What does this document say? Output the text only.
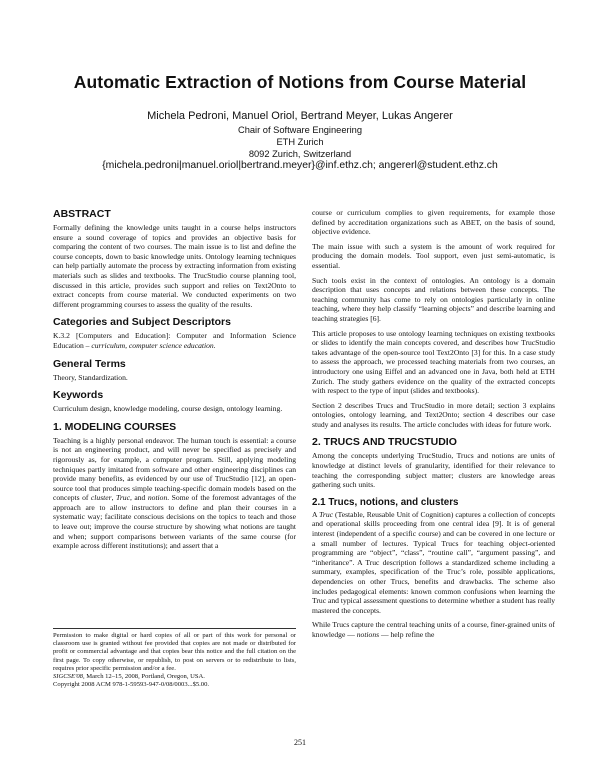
Automatic Extraction of Notions from Course Material
Michela Pedroni, Manuel Oriol, Bertrand Meyer, Lukas Angerer
Chair of Software Engineering
ETH Zurich
8092 Zurich, Switzerland
{michela.pedroni|manuel.oriol|bertrand.meyer}@inf.ethz.ch; angererl@student.ethz.ch
ABSTRACT

Formally defining the knowledge units taught in a course helps instructors ensure a sound coverage of topics and provides an objective basis for comparing the content of two courses. The main issue is to list and define the course concepts, down to basic knowledge units. Ontology learning techniques can help partially automate the process by extracting information from existing materials such as slides and textbooks. The TrucStudio course planning tool, discussed in this article, provides such support and relies on Text2Onto to extract concepts from course material. We conducted experiments on two different programming courses to assess the quality of the results.

Categories and Subject Descriptors

K.3.2 [Computers and Education]: Computer and Information Science Education – curriculum, computer science education.

General Terms

Theory, Standardization.

Keywords

Curriculum design, knowledge modeling, course design, ontology learning.

1. MODELING COURSES

Teaching is a highly personal endeavor. The human touch is essential: a course is not an engineering product, and will never be specified as precisely and rigorously as, for example, a computer program. Still, applying modeling techniques partly imitated from software and other engineering disciplines can provide many benefits, as evidenced by our use of TrucStudio [12], an open-source tool that produces simple teaching-specific domain models based on the concepts of cluster, Truc, and notion. Some of the foremost advantages of the approach are to allow instructors to define and plan their courses in a systematic way; facilitate conscious decisions on the topics to teach and those to leave out; improve the course structure by showing what notions are taught and when; support comparisons between variants of the same course (for example across different institutions); and assert that a

Permission to make digital or hard copies of all or part of this work for personal or classroom use is granted without fee provided that copies are not made or distributed for profit or commercial advantage and that copies bear this notice and the full citation on the first page. To copy otherwise, or republish, to post on servers or to redistribute to lists, requires prior specific permission and/or a fee.

SIGCSE'08, March 12–15, 2008, Portland, Oregon, USA.

Copyright 2008 ACM 978-1-59593-947-0/08/0003...$5.00.

course or curriculum complies to given requirements, for example those defined by accreditation organizations such as ABET, on the basis of sound, objective evidence.

The main issue with such a system is the amount of work required for producing the domain models. Tool support, even just semi-automatic, is essential.

Such tools exist in the context of ontologies. An ontology is a domain description that uses concepts and relations between these concepts. The teaching community has come to rely on ontologies particularly in online teaching, where they help classify “learning objects” and describe learning and teaching strategies [6].

This article proposes to use ontology learning techniques on existing textbooks or slides to identify the main concepts covered, and describes how TrucStudio takes advantage of the open-source tool Text2Onto [3] for this. In a case study to assess the approach, we processed teaching materials from two courses, an introductory one using Eiffel and an advanced one in Java, both held at ETH Zurich. The study gathers evidence on the quality of the extracted concepts with respect to the type of input (slides and textbooks).

Section 2 describes Trucs and TrucStudio in more detail; section 3 explains ontologies, ontology learning, and Text2Onto; section 4 describes our case study and analyses its results. The article concludes with ideas for future work.

2. TRUCS AND TRUCSTUDIO

Among the concepts underlying TrucStudio, Trucs and notions are units of knowledge at distinct levels of granularity, identified for their relevance to teaching the corresponding subject matter; clusters are knowledge areas gathering such units.

2.1 Trucs, notions, and clusters

A Truc (Testable, Reusable Unit of Cognition) captures a collection of concepts and operational skills proceeding from one central idea [9]. It is of general interest (independent of a specific course) and can be covered in one lecture or a small number of lectures. Typical Trucs for teaching object-oriented programming are “object”, “class”, “routine call”, “argument passing”, and “inheritance”. A Truc description follows a standardized scheme including a summary, examples, specification of the Truc’s role, possible applications, dependencies on other Trucs, benefits and drawbacks. The scheme also includes pedagogical elements: known common confusions when learning the Truc and typical assessment questions to determine whether a student has really mastered the concepts.

While Trucs capture the central teaching units of a course, finer-grained units of knowledge — notions — help refine the

251
